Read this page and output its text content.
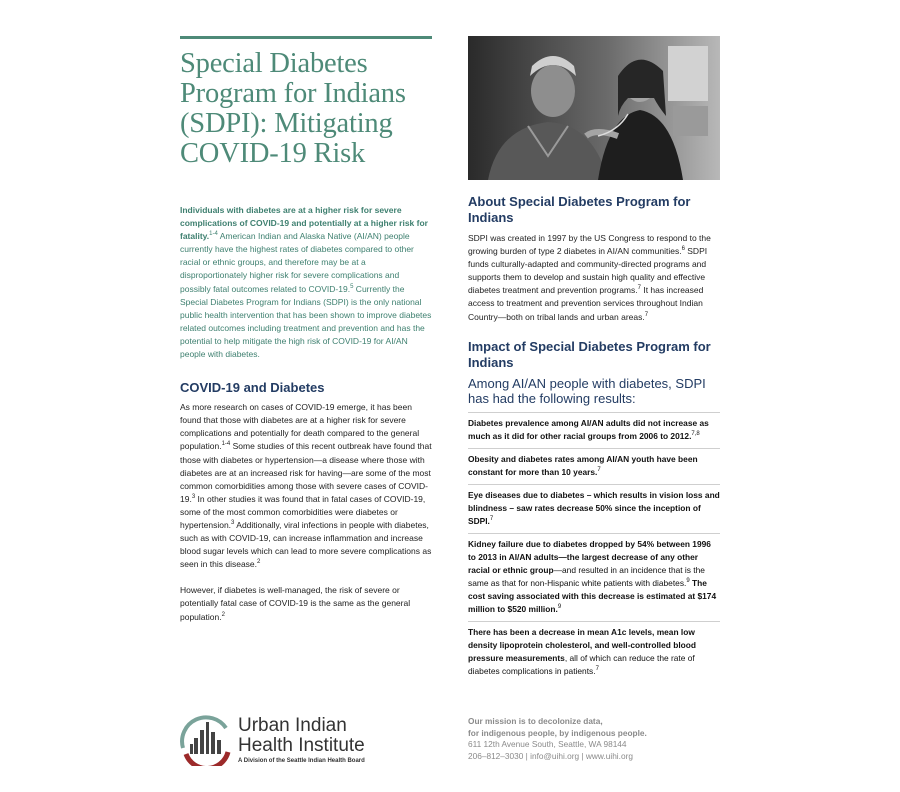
Special Diabetes Program for Indians (SDPI): Mitigating COVID-19 Risk

Individuals with diabetes are at a higher risk for severe complications of COVID-19 and potentially at a higher risk for fatality.$^{1-4}$ American Indian and Alaska Native (AI/AN) people currently have the highest rates of diabetes compared to other racial or ethnic groups, and therefore may be at a disproportionately higher risk for severe complications and possibly fatal outcomes related to COVID-19.$^5$ Currently the Special Diabetes Program for Indians (SDPI) is the only national public health intervention that has been shown to improve diabetes related outcomes including treatment and prevention and has the potential to help mitigate the high risk of COVID-19 for AI/AN people with diabetes.

COVID-19 and Diabetes

As more research on cases of COVID-19 emerge, it has been found that those with diabetes are at a higher risk for severe complications and potentially for death compared to the general population.$^{1-4}$ Some studies of this recent outbreak have found that those with diabetes or hypertension—a disease where those with diabetes are at an increased risk for having—are some of the most common comorbidities among those with severe cases of COVID-19.$^3$ In other studies it was found that in fatal cases of COVID-19, some of the most common comorbidities were diabetes or hypertension.$^3$ Additionally, viral infections in people with diabetes, such as with COVID-19, can increase inflammation and increase blood sugar levels which can lead to more severe complications as seen in this disease.$^2$

However, if diabetes is well-managed, the risk of severe or potentially fatal case of COVID-19 is the same as the general population.$^2$

About Special Diabetes Program for Indians

SDPI was created in 1997 by the US Congress to respond to the growing burden of type 2 diabetes in AI/AN communities.$^6$ SDPI funds culturally-adapted and community-directed programs and supports them to develop and sustain high quality and effective diabetes treatment and prevention programs.$^7$ It has increased access to treatment and prevention services throughout Indian Country—both on tribal lands and urban areas.$^7$

Impact of Special Diabetes Program for Indians

Among AI/AN people with diabetes, SDPI has had the following results:

Diabetes prevalence among AI/AN adults did not increase as much as it did for other racial groups from 2006 to 2012.$^{7,8}$
Obesity and diabetes rates among AI/AN youth have been constant for more than 10 years.$^7$
Eye diseases due to diabetes – which results in vision loss and blindness – saw rates decrease 50% since the inception of SDPI.$^7$
Kidney failure due to diabetes dropped by 54% between 1996 to 2013 in AI/AN adults—the largest decrease of any other racial or ethnic group—and resulted in an incidence that is the same as that for non-Hispanic white patients with diabetes.$^9$ The cost saving associated with this decrease is estimated at $174 million to $520 million.$^9$
There has been a decrease in mean A1c levels, mean low density lipoprotein cholesterol, and well-controlled blood pressure measurements, all of which can reduce the rate of diabetes complications in patients.$^7$
Urban Indian
Health Institute
A Division of the Seattle Indian Health Board
Our mission is to decolonize data,
for indigenous people, by indigenous people.
611 12th Avenue South, Seattle, WA 98144
206–812–3030 | info@uihi.org | www.uihi.org
